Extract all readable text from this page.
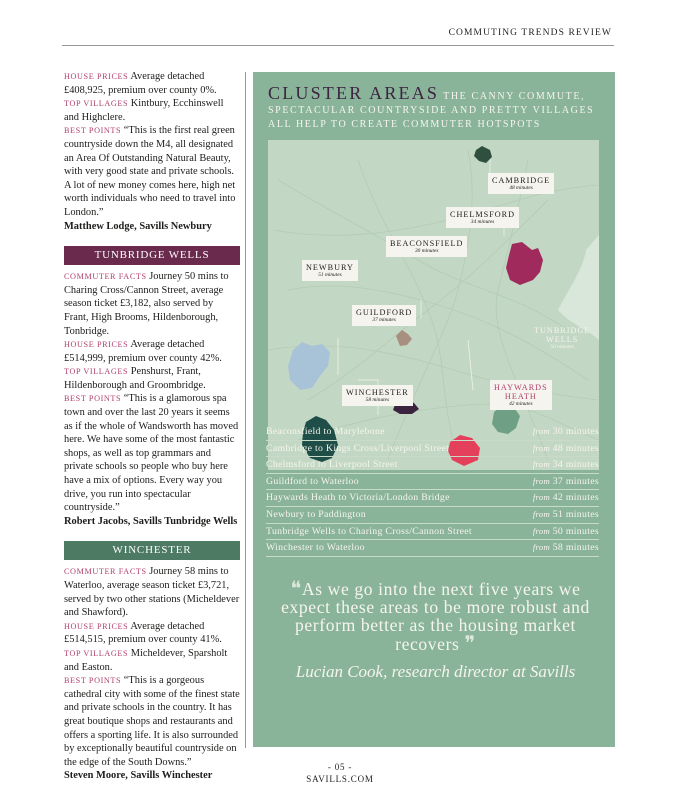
COMMUTING TRENDS REVIEW

HOUSE PRICES Average detached £408,925, premium over county 0%.

TOP VILLAGES Kintbury, Ecchinswell and Highclere.

BEST POINTS “This is the first real green countryside down the M4, all designated an Area Of Outstanding Natural Beauty, with very good state and private schools. A lot of new money comes here, high net worth individuals who need to travel into London.”

Matthew Lodge, Savills Newbury

TUNBRIDGE WELLS

COMMUTER FACTS Journey 50 mins to Charing Cross/Cannon Street, average season ticket £3,182, also served by Frant, High Brooms, Hildenborough, Tonbridge.

HOUSE PRICES Average detached £514,999, premium over county 42%.

TOP VILLAGES Penshurst, Frant, Hildenborough and Groombridge.

BEST POINTS “This is a glamorous spa town and over the last 20 years it seems as if the whole of Wandsworth has moved here. We have some of the most fantastic shops, as well as top grammars and private schools so people who buy here have a mix of options. Every way you drive, you run into spectacular countryside.”

Robert Jacobs, Savills Tunbridge Wells

WINCHESTER

COMMUTER FACTS Journey 58 mins to Waterloo, average season ticket £3,721, served by two other stations (Micheldever and Shawford).

HOUSE PRICES Average detached £514,515, premium over county 41%.

TOP VILLAGES Micheldever, Sparsholt and Easton.

BEST POINTS “This is a gorgeous cathedral city with some of the finest state and private schools in the country. It has great boutique shops and restaurants and offers a sporting life. It is also surrounded by exceptionally beautiful countryside on the edge of the South Downs.”

Steven Moore, Savills Winchester

CLUSTER AREAS THE CANNY COMMUTE, SPECTACULAR COUNTRYSIDE AND PRETTY VILLAGES ALL HELP TO CREATE COMMUTER HOTSPOTS
CAMBRIDGE
48 minutes
CHELMSFORD
34 minutes
BEACONSFIELD
30 minutes
NEWBURY
51 minutes
GUILDFORD
37 minutes
TUNBRIDGE
WELLS
50 minutes
WINCHESTER
58 minutes
HAYWARDS
HEATH
42 minutes
Beaconsfield to Marylebone	from 30 minutes
Cambridge to Kings Cross/Liverpool Street	from 48 minutes
Chelmsford to Liverpool Street	from 34 minutes
Guildford to Waterloo	from 37 minutes
Haywards Heath to Victoria/London Bridge	from 42 minutes
Newbury to Paddington	from 51 minutes
Tunbridge Wells to Charing Cross/Cannon Street	from 50 minutes
Winchester to Waterloo	from 58 minutes
❝As we go into the next five years we expect these areas to be more robust and perform better as the housing market recovers ❞
Lucian Cook, research director at Savills
- 05 -
SAVILLS.COM
